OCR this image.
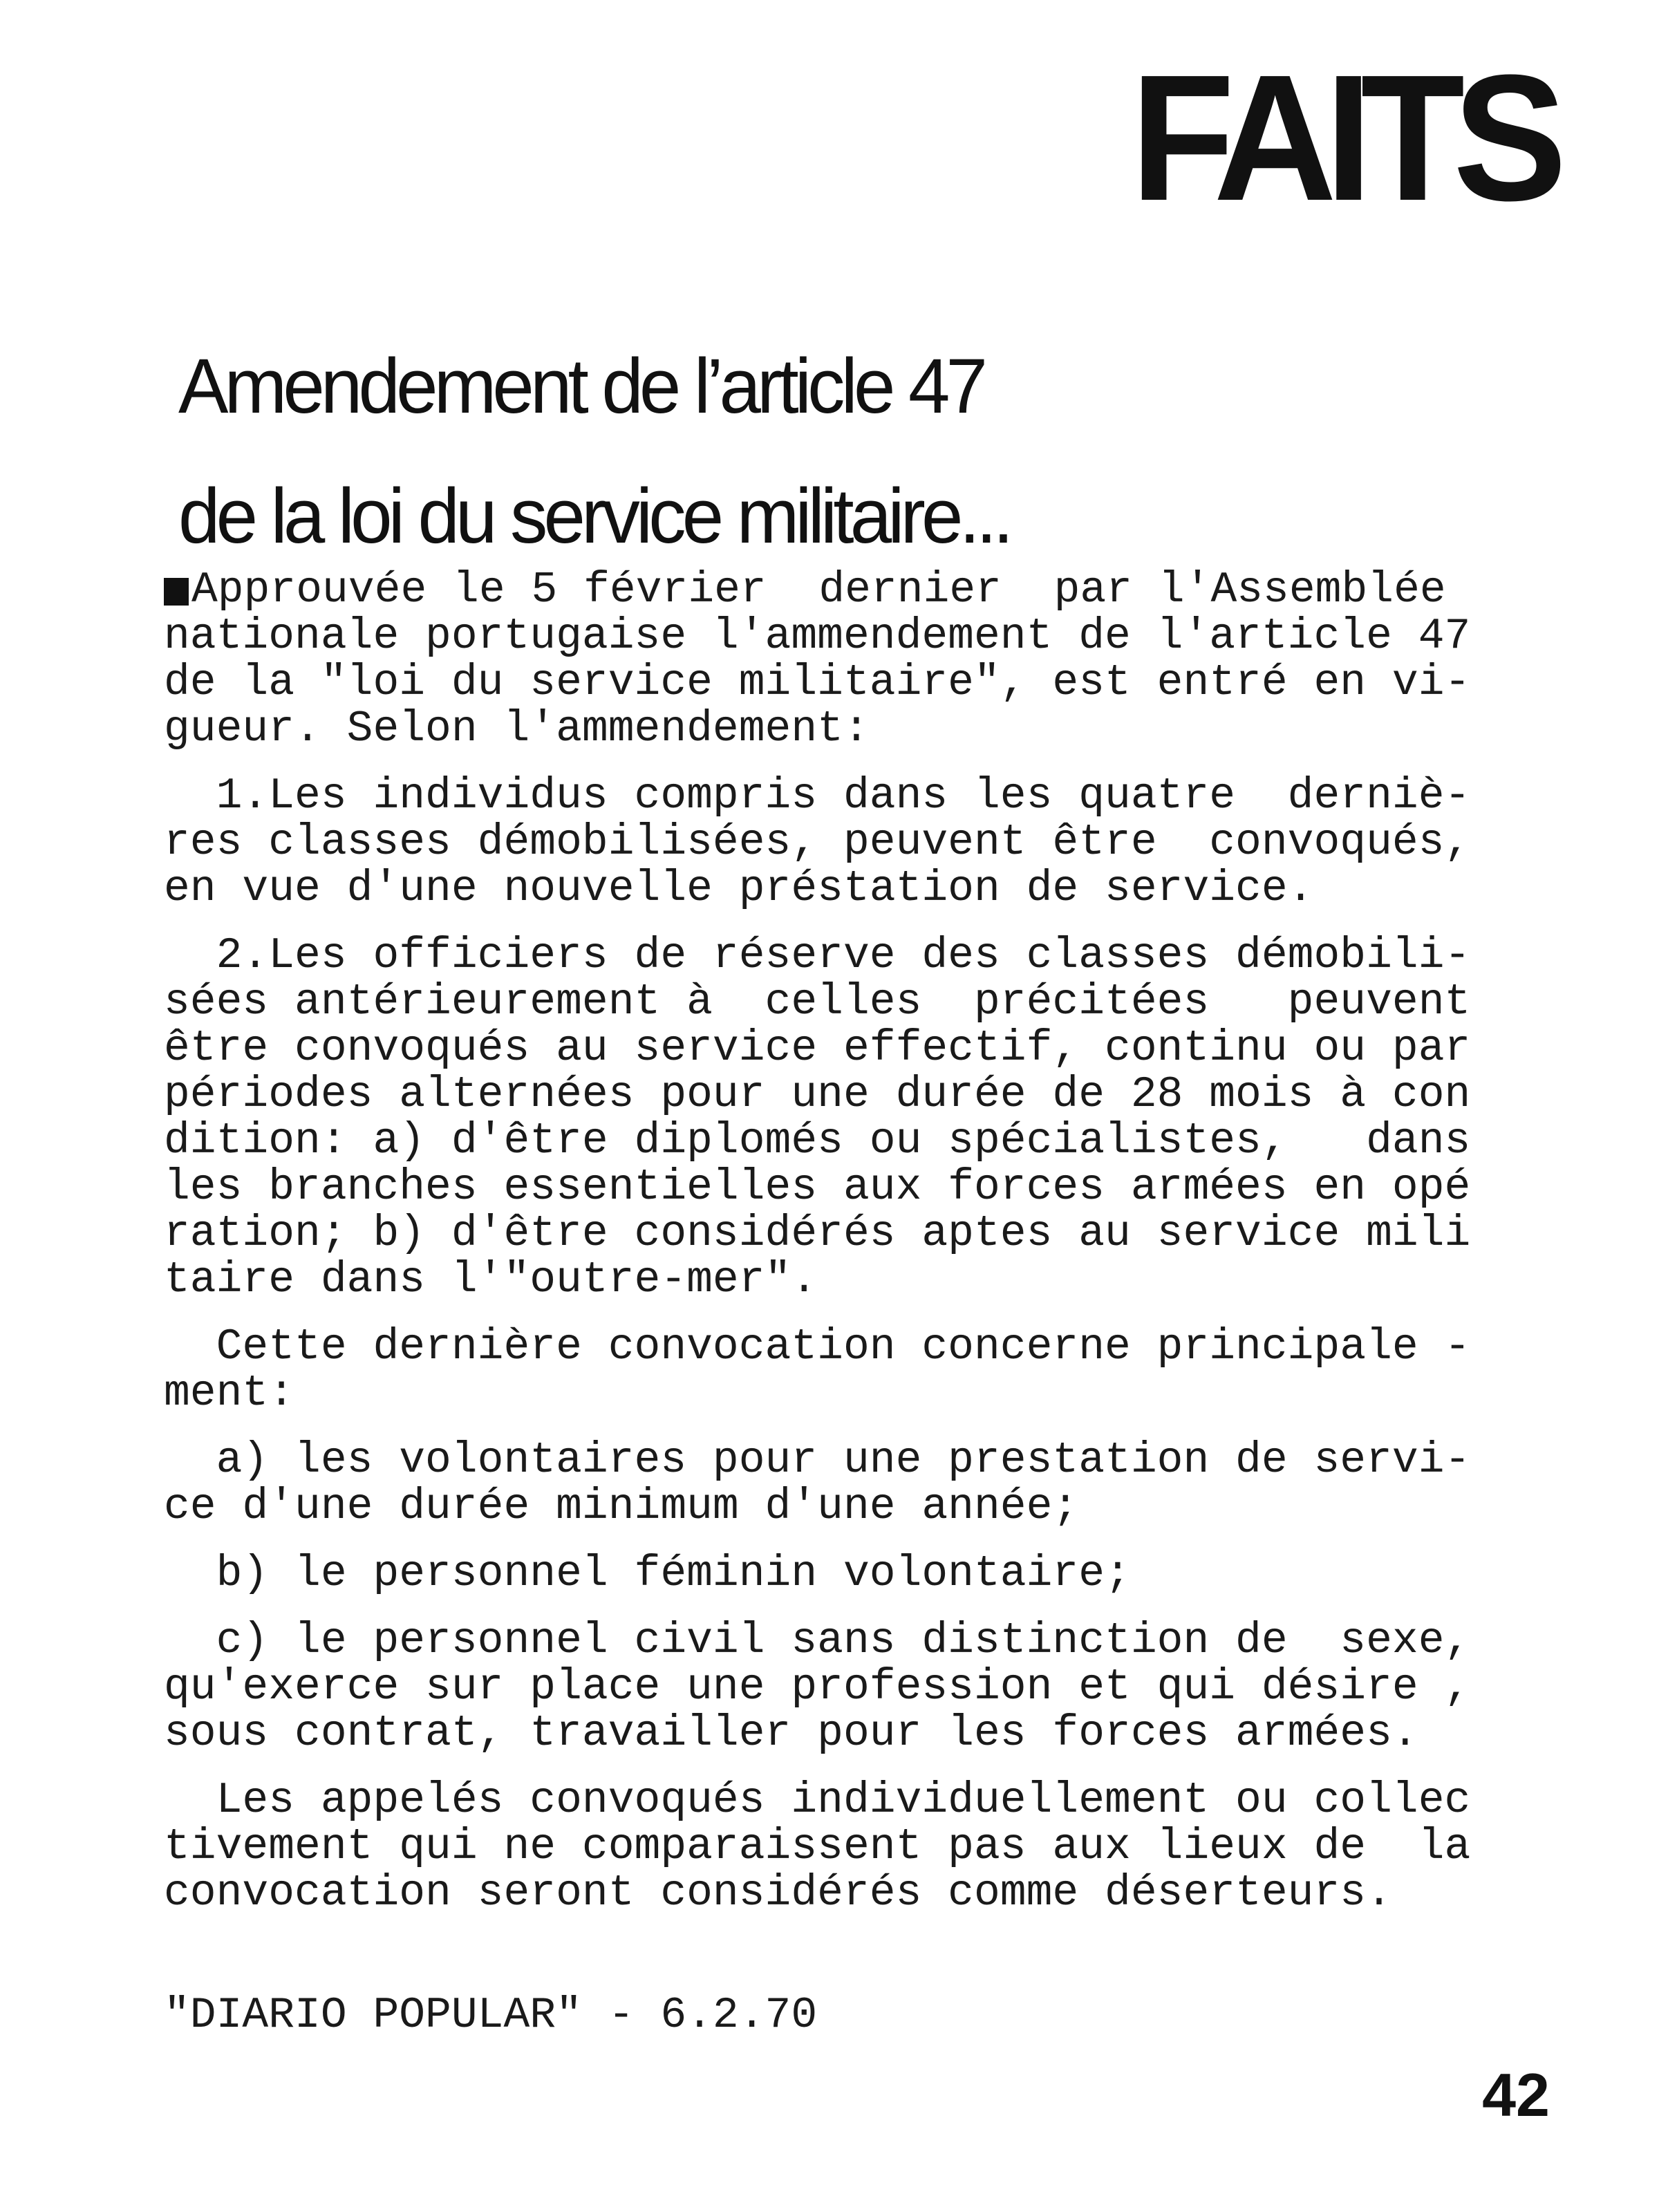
FAITS
Amendement de l’article 47
de la loi du service militaire...
Approuvée le 5 février  dernier  par l'Assemblée
nationale portugaise l'ammendement de l'article 47
de la "loi du service militaire", est entré en vi-
gueur. Selon l'ammendement:
1.Les individus compris dans les quatre  derniè-
res classes démobilisées, peuvent être  convoqués,
en vue d'une nouvelle préstation de service.
2.Les officiers de réserve des classes démobili-
sées antérieurement à  celles  précitées   peuvent
être convoqués au service effectif, continu ou par
périodes alternées pour une durée de 28 mois à con
dition: a) d'être diplomés ou spécialistes,   dans
les branches essentielles aux forces armées en opé
ration; b) d'être considérés aptes au service mili
taire dans l'"outre-mer".
Cette dernière convocation concerne principale -
ment:
a) les volontaires pour une prestation de servi-
ce d'une durée minimum d'une année;
b) le personnel féminin volontaire;
c) le personnel civil sans distinction de  sexe,
qu'exerce sur place une profession et qui désire ,
sous contrat, travailler pour les forces armées.
Les appelés convoqués individuellement ou collec
tivement qui ne comparaissent pas aux lieux de  la
convocation seront considérés comme déserteurs.
"DIARIO POPULAR" - 6.2.70
42
